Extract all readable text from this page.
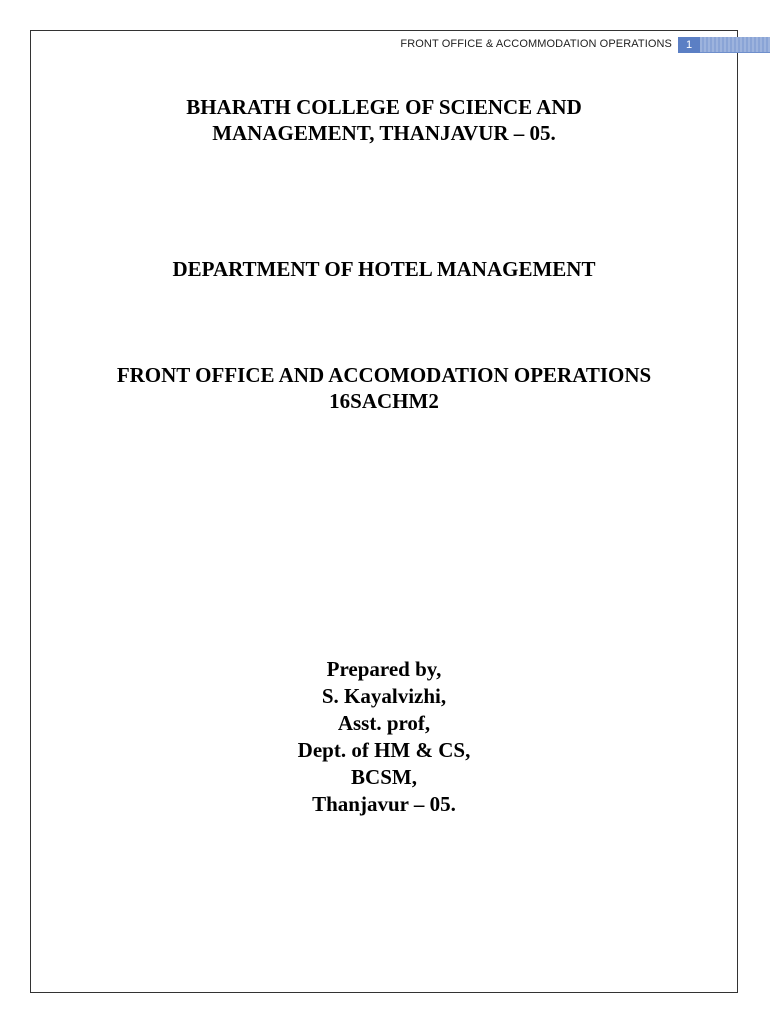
FRONT OFFICE & ACCOMMODATION OPERATIONS	1
BHARATH COLLEGE OF SCIENCE AND
MANAGEMENT, THANJAVUR – 05.
DEPARTMENT OF HOTEL MANAGEMENT
FRONT OFFICE AND ACCOMODATION OPERATIONS
16SACHM2
Prepared by,
S. Kayalvizhi,
Asst. prof,
Dept. of HM & CS,
BCSM,
Thanjavur – 05.
